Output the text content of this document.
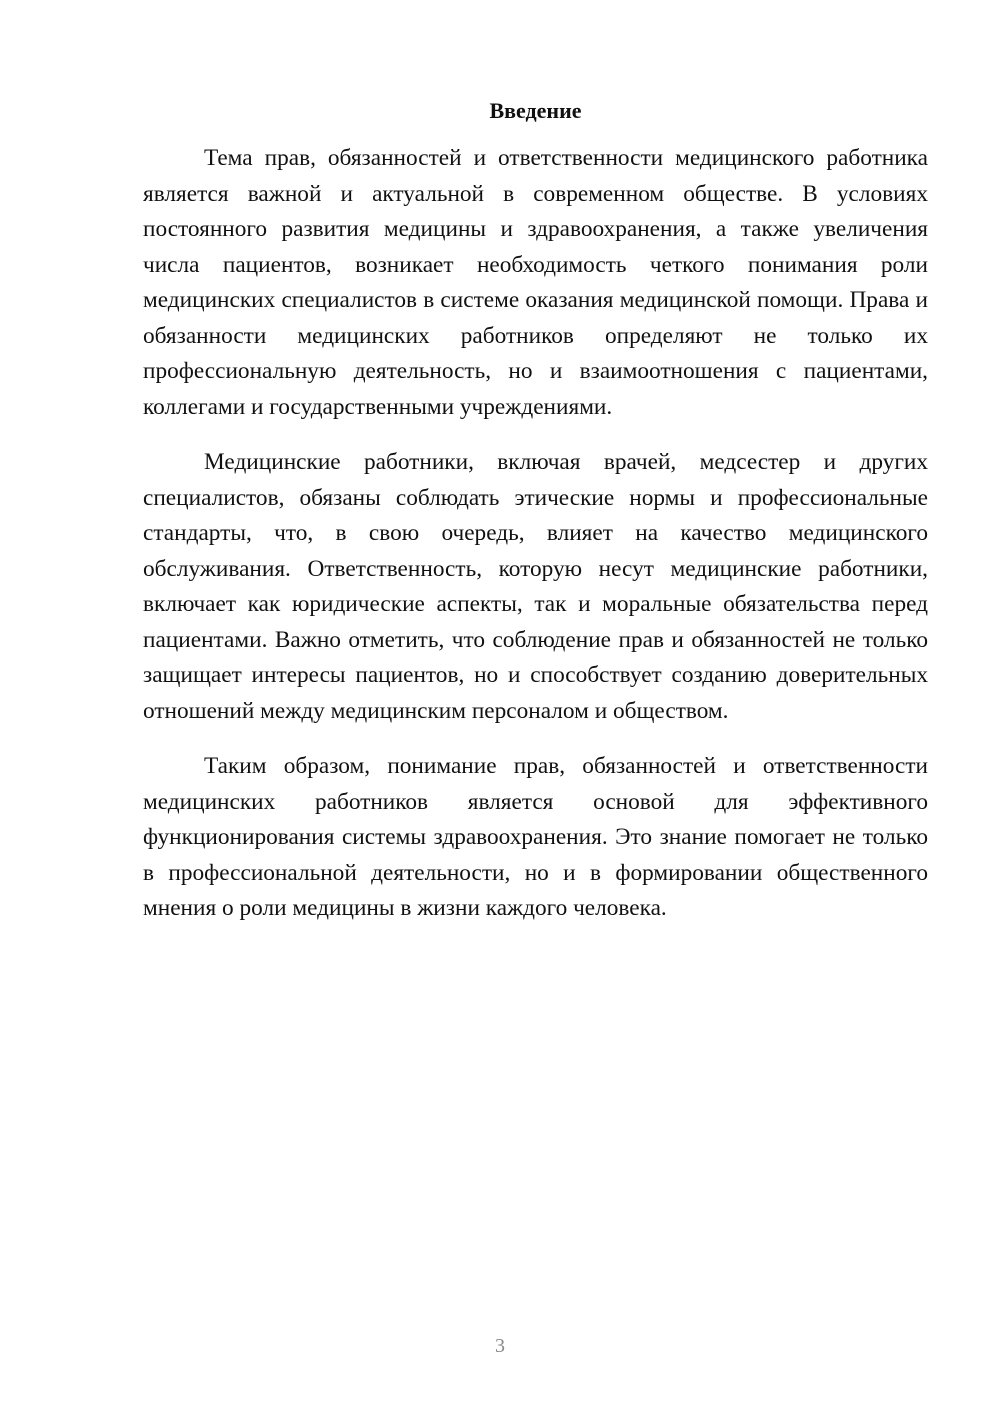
Введение

Тема прав, обязанностей и ответственности медицинского работника является важной и актуальной в современном обществе. В условиях постоянного развития медицины и здравоохранения, а также увеличения числа пациентов, возникает необходимость четкого понимания роли медицинских специалистов в системе оказания медицинской помощи. Права и обязанности медицинских работников определяют не только их профессиональную деятельность, но и взаимоотношения с пациентами, коллегами и государственными учреждениями.

Медицинские работники, включая врачей, медсестер и других специалистов, обязаны соблюдать этические нормы и профессиональные стандарты, что, в свою очередь, влияет на качество медицинского обслуживания. Ответственность, которую несут медицинские работники, включает как юридические аспекты, так и моральные обязательства перед пациентами. Важно отметить, что соблюдение прав и обязанностей не только защищает интересы пациентов, но и способствует созданию доверительных отношений между медицинским персоналом и обществом.

Таким образом, понимание прав, обязанностей и ответственности медицинских работников является основой для эффективного функционирования системы здравоохранения. Это знание помогает не только в профессиональной деятельности, но и в формировании общественного мнения о роли медицины в жизни каждого человека.

3
